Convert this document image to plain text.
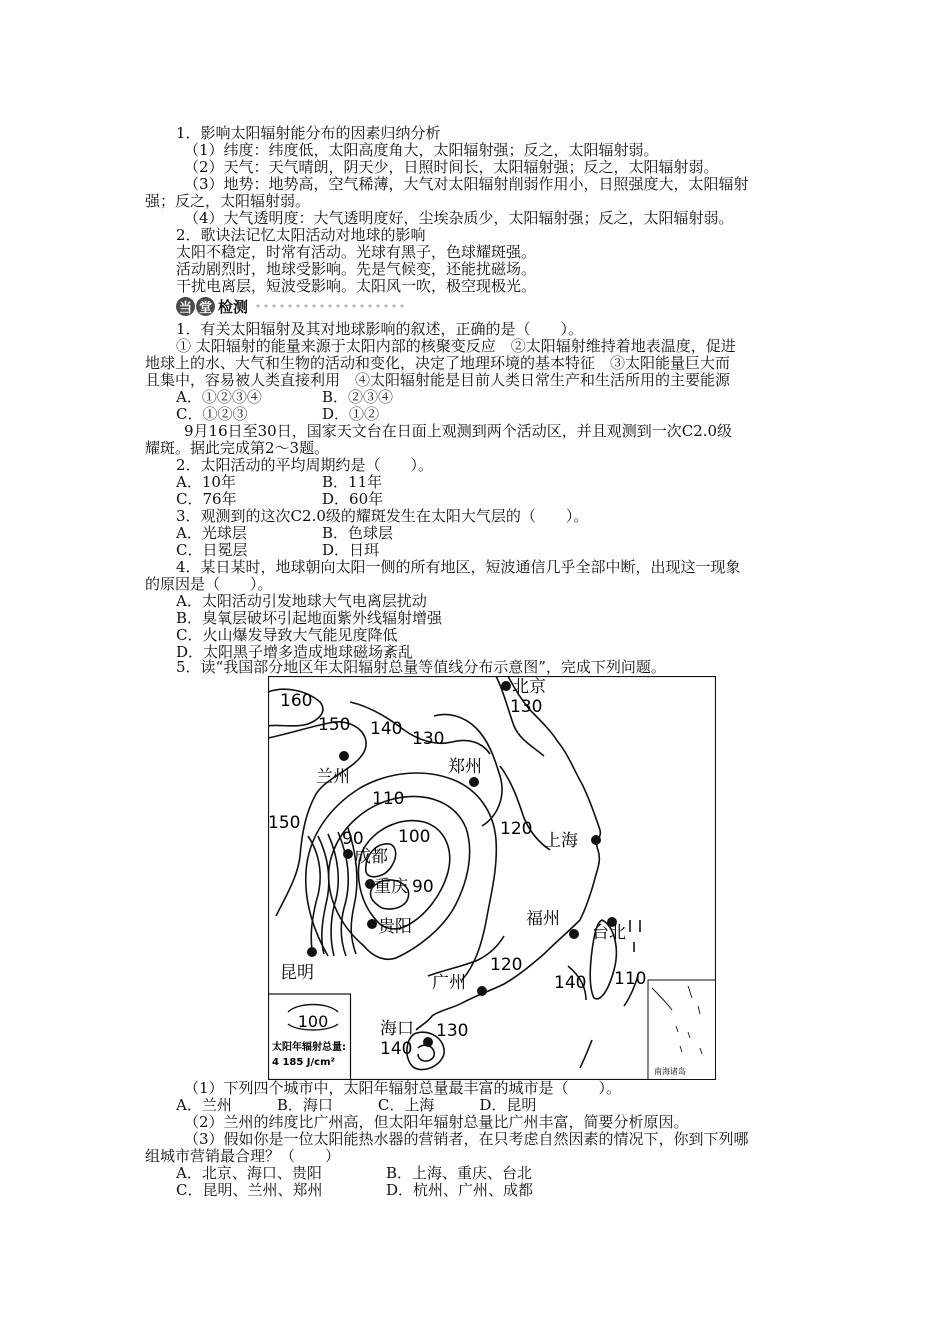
1．影响太阳辐射能分布的因素归纳分析
（1）纬度：纬度低，太阳高度角大，太阳辐射强；反之，太阳辐射弱。
（2）天气：天气晴朗，阴天少，日照时间长，太阳辐射强；反之，太阳辐射弱。
（3）地势：地势高，空气稀薄，大气对太阳辐射削弱作用小，日照强度大，太阳辐射
强；反之，太阳辐射弱。
（4）大气透明度：大气透明度好，尘埃杂质少，太阳辐射强；反之，太阳辐射弱。
2．歌诀法记忆太阳活动对地球的影响
太阳不稳定，时常有活动。光球有黑子，色球耀斑强。
活动剧烈时，地球受影响。先是气候变，还能扰磁场。
干扰电离层，短波受影响。太阳风一吹，极空现极光。
当 堂 检测
1．有关太阳辐射及其对地球影响的叙述，正确的是（　　）。
① 太阳辐射的能量来源于太阳内部的核聚变反应　②太阳辐射维持着地表温度，促进
地球上的水、大气和生物的活动和变化，决定了地理环境的基本特征　③太阳能量巨大而
且集中，容易被人类直接利用　④太阳辐射能是目前人类日常生产和生活所用的主要能源
A．①②③④	B．②③④
C．①②③	D．①②
9月16日至30日，国家天文台在日面上观测到两个活动区，并且观测到一次C2.0级
耀斑。据此完成第2～3题。
2．太阳活动的平均周期约是（　　）。
A．10年	B．11年
C．76年	D．60年
3．观测到的这次C2.0级的耀斑发生在太阳大气层的（　　）。
A．光球层	B．色球层
C．日冕层	D．日珥
4．某日某时，地球朝向太阳一侧的所有地区，短波通信几乎全部中断，出现这一现象
的原因是（　　）。
A．太阳活动引发地球大气电离层扰动
B．臭氧层破坏引起地面紫外线辐射增强
C．火山爆发导致大气能见度降低
D．太阳黑子增多造成地球磁场紊乱
5．读“我国部分地区年太阳辐射总量等值线分布示意图”，完成下列问题。
100
太阳年辐射总量:
4 185 J/cm²
南海诸岛
北京
兰州	郑州
上海
成都
重庆
贵阳	福州
台北
昆明	广州
海口
160
150 140 130
130
110
150
90 100	120
90
120
140 110
130
140
（1）下列四个城市中，太阳年辐射总量最丰富的城市是（　　）。
A．兰州　　　B．海口　　　C．上海　　　D．昆明
（2）兰州的纬度比广州高，但太阳年辐射总量比广州丰富，简要分析原因。
（3）假如你是一位太阳能热水器的营销者，在只考虑自然因素的情况下，你到下列哪
组城市营销最合理？（　　）
A．北京、海口、贵阳	B．上海、重庆、台北
C．昆明、兰州、郑州	D．杭州、广州、成都
